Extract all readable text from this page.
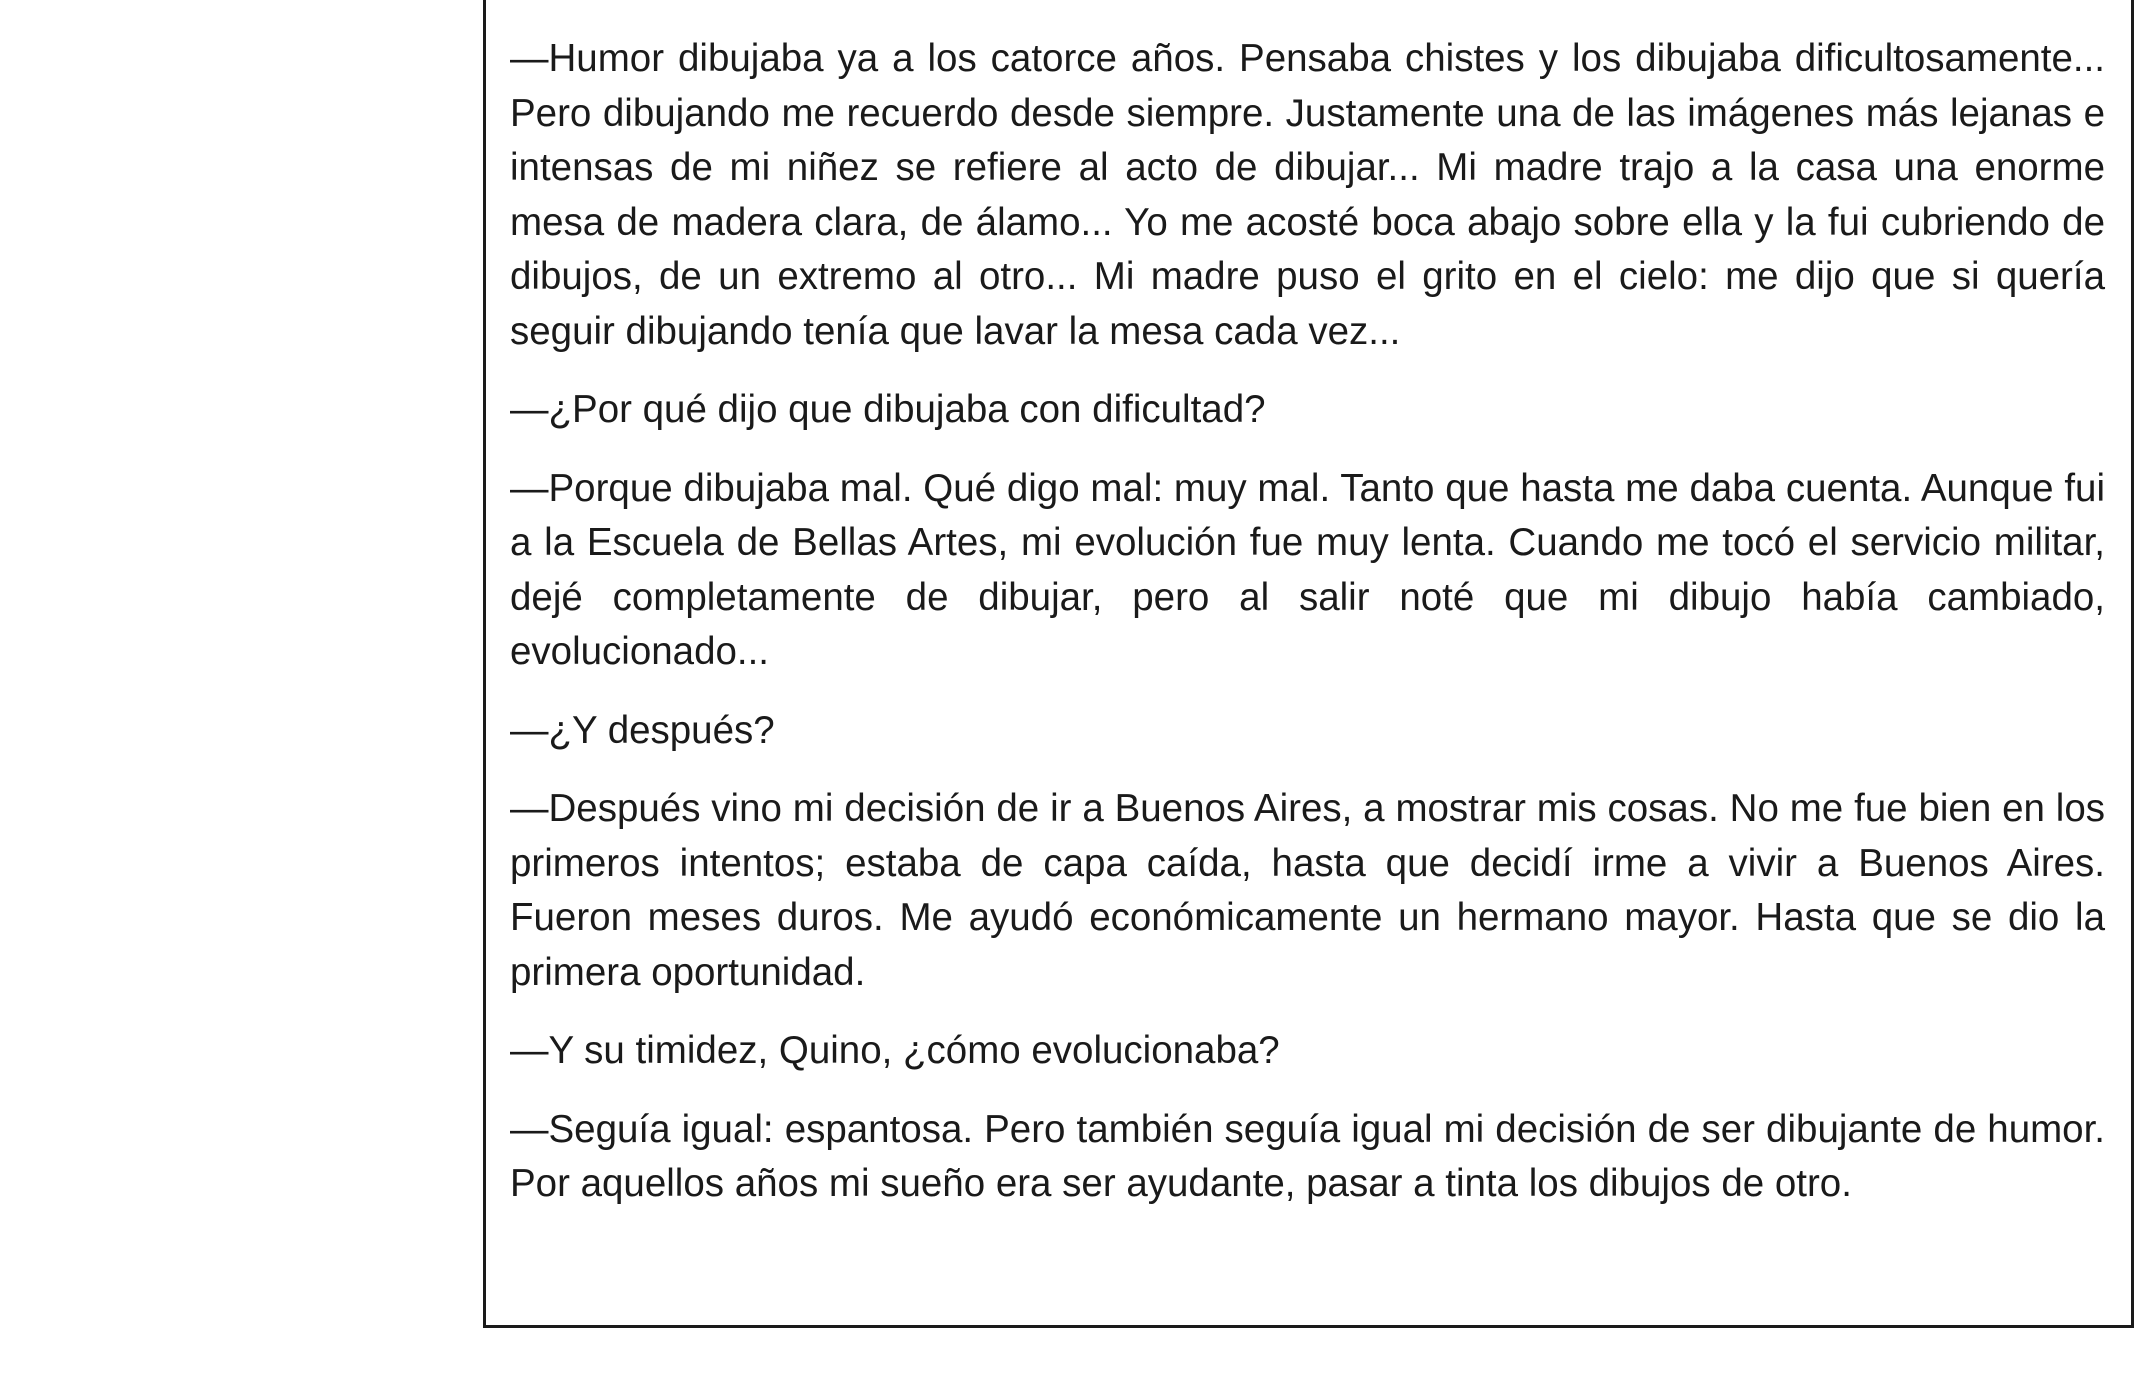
—Humor dibujaba ya a los catorce años. Pensaba chistes y los dibujaba dificultosamente... Pero dibujando me recuerdo desde siempre. Justamente una de las imágenes más lejanas e intensas de mi niñez se refiere al acto de dibujar... Mi madre trajo a la casa una enorme mesa de madera clara, de álamo... Yo me acosté boca abajo sobre ella y la fui cubriendo de dibujos, de un extremo al otro... Mi madre puso el grito en el cielo: me dijo que si quería seguir dibujando tenía que lavar la mesa cada vez...

—¿Por qué dijo que dibujaba con dificultad?

—Porque dibujaba mal. Qué digo mal: muy mal. Tanto que hasta me daba cuenta. Aunque fui a la Escuela de Bellas Artes, mi evolución fue muy lenta. Cuando me tocó el servicio militar, dejé completamente de dibujar, pero al salir noté que mi dibujo había cambiado, evolucionado...

—¿Y después?

—Después vino mi decisión de ir a Buenos Aires, a mostrar mis cosas. No me fue bien en los primeros intentos; estaba de capa caída, hasta que decidí irme a vivir a Buenos Aires. Fueron meses duros. Me ayudó económicamente un hermano mayor. Hasta que se dio la primera oportunidad.

—Y su timidez, Quino, ¿cómo evolucionaba?

—Seguía igual: espantosa. Pero también seguía igual mi decisión de ser dibujante de humor. Por aquellos años mi sueño era ser ayudante, pasar a tinta los dibujos de otro.
